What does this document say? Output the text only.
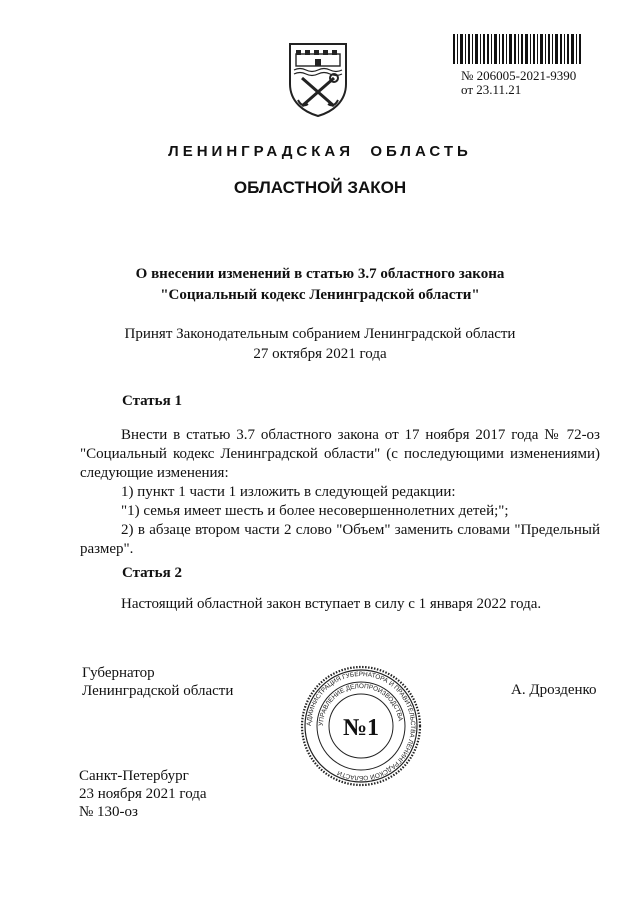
№ 206005-2021-9390
от 23.11.21
ЛЕНИНГРАДСКАЯ  ОБЛАСТЬ
ОБЛАСТНОЙ ЗАКОН
О внесении изменений в статью 3.7 областного закона
"Социальный кодекс Ленинградской области"
Принят Законодательным собранием Ленинградской области
27 октября 2021 года
Статья 1

Внести в статью 3.7 областного закона от 17 ноября 2017 года № 72-оз "Социальный кодекс Ленинградской области" (с последующими изменениями) следующие изменения:

1) пункт 1 части 1 изложить в следующей редакции:

"1) семья имеет шесть и более несовершеннолетних детей;";

2) в абзаце втором части 2 слово "Объем" заменить словами "Предельный размер".

Статья 2

Настоящий областной закон вступает в силу с 1 января 2022 года.

Губернатор
Ленинградской области
АДМИНИСТРАЦИЯ ГУБЕРНАТОРА И ПРАВИТЕЛЬСТВА ЛЕНИНГРАДСКОЙ ОБЛАСТИ
УПРАВЛЕНИЕ ДЕЛОПРОИЗВОДСТВА
№1
А. Дрозденко
Санкт-Петербург
23 ноября 2021 года
№ 130-оз
